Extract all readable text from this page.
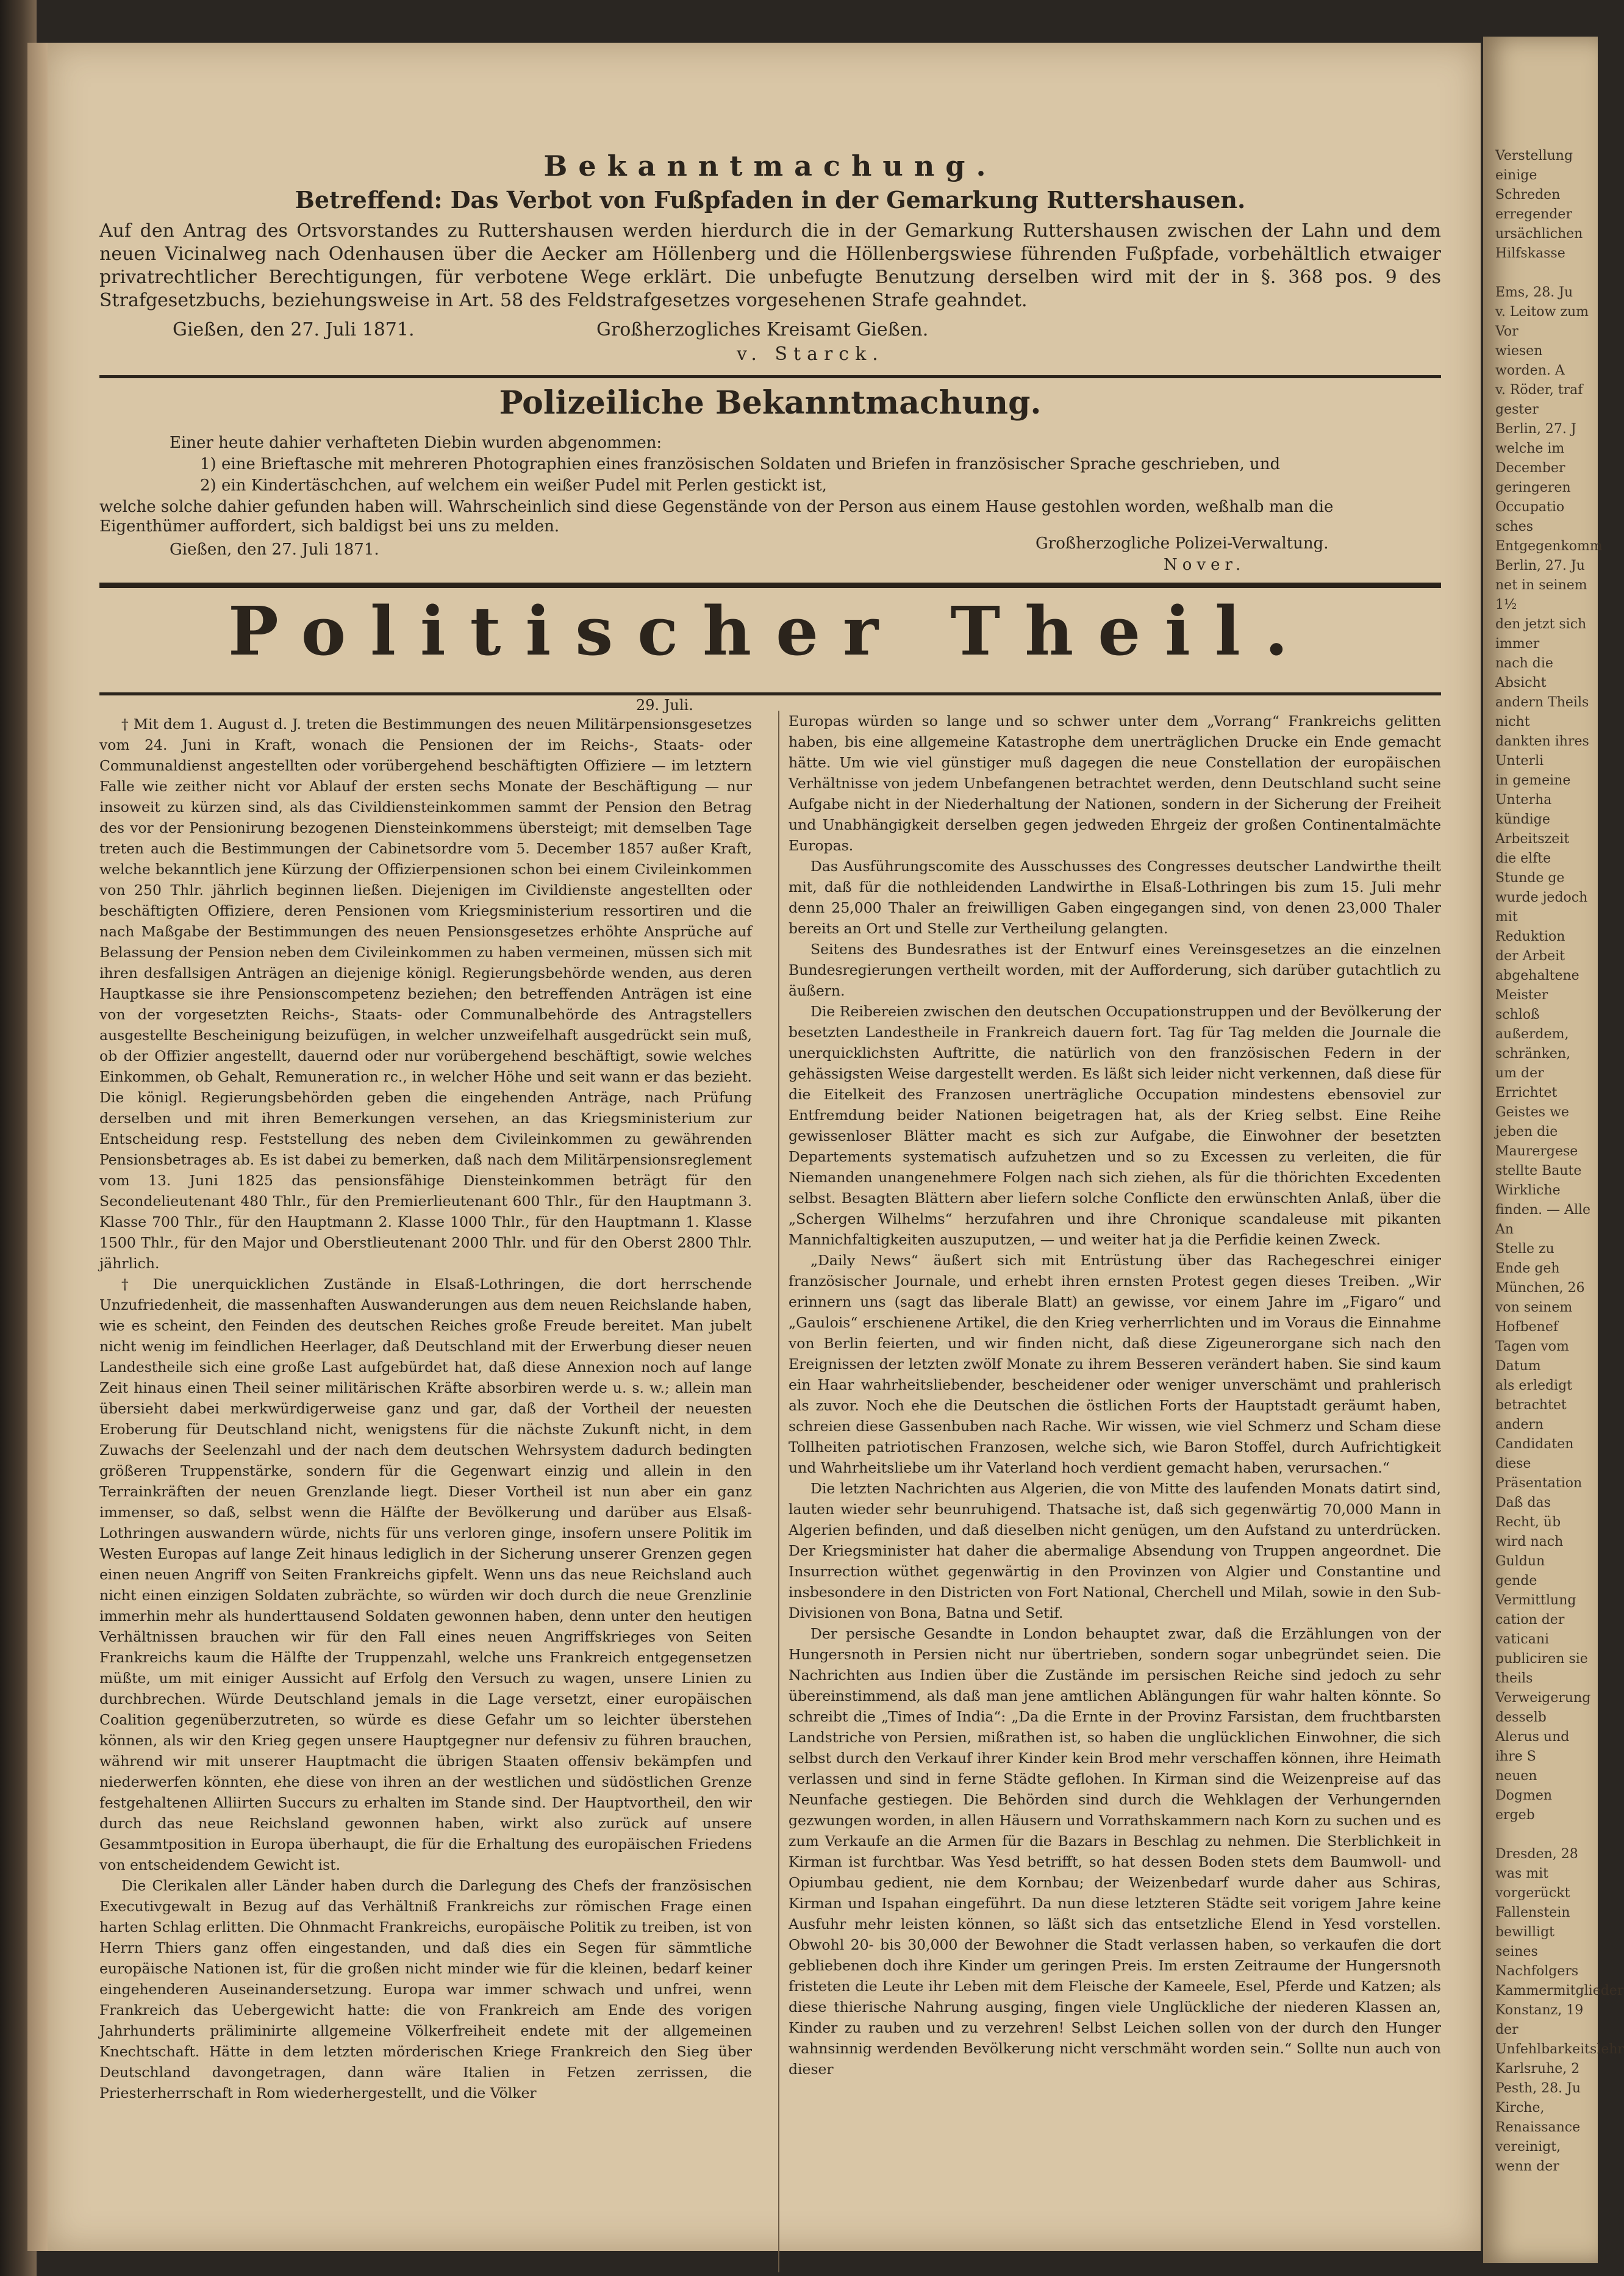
Verstellung einige
Schreden erregender
ursächlichen Hilfskasse

Ems, 28. Ju
v. Leitow zum Vor
wiesen worden. A
v. Röder, traf gester
Berlin, 27. J
welche im December
geringeren Occupatio
sches Entgegenkomm
Berlin, 27. Ju
net in seinem 1½
den jetzt sich immer
nach die Absicht
andern Theils nicht
dankten ihres Unterli
in gemeine Unterha
kündige Arbeitszeit
die elfte Stunde ge
wurde jedoch mit
Reduktion der Arbeit
abgehaltene Meister
schloß außerdem,
schränken, um der
Errichtet Geistes we
jeben die Maurergese
stellte Baute Wirkliche
finden. — Alle An
Stelle zu Ende geh
München, 26
von seinem Hofbenef
Tagen vom Datum
als erledigt betrachtet
andern Candidaten
diese Präsentation
Daß das Recht, üb
wird nach Guldun
gende Vermittlung
cation der vaticani
publiciren sie theils
Verweigerung desselb
Alerus und ihre S
neuen Dogmen ergeb

Dresden, 28
was mit vorgerückt
Fallenstein bewilligt
seines Nachfolgers
Kammermitglieder
Konstanz, 19
der Unfehlbarkeitslehr
Karlsruhe, 2
Pesth, 28. Ju
Kirche, Renaissance
vereinigt, wenn der
Bekanntmachung.
Betreffend: Das Verbot von Fußpfaden in der Gemarkung Ruttershausen.
Auf den Antrag des Ortsvorstandes zu Ruttershausen werden hierdurch die in der Gemarkung Ruttershausen zwischen der Lahn und dem neuen Vicinalweg nach Odenhausen über die Aecker am Höllenberg und die Höllenbergswiese führenden Fußpfade, vorbehältlich etwaiger privatrechtlicher Berechtigungen, für verbotene Wege erklärt. Die unbefugte Benutzung derselben wird mit der in §. 368 pos. 9 des Strafgesetzbuchs, beziehungsweise in Art. 58 des Feldstrafgesetzes vorgesehenen Strafe geahndet.
Gießen, den 27. Juli 1871.	Großherzogliches Kreisamt Gießen.
v. Starck.
Polizeiliche Bekanntmachung.
Einer heute dahier verhafteten Diebin wurden abgenommen:
1) eine Brieftasche mit mehreren Photographien eines französischen Soldaten und Briefen in französischer Sprache geschrieben, und
2) ein Kindertäschchen, auf welchem ein weißer Pudel mit Perlen gestickt ist,
welche solche dahier gefunden haben will. Wahrscheinlich sind diese Gegenstände von der Person aus einem Hause gestohlen worden, weßhalb man die Eigenthümer auffordert, sich baldigst bei uns zu melden.
Gießen, den 27. Juli 1871.	Großherzogliche Polizei-Verwaltung.
Nover.
Politischer Theil.
29. Juli.

† Mit dem 1. August d. J. treten die Bestimmungen des neuen Militärpensionsgesetzes vom 24. Juni in Kraft, wonach die Pensionen der im Reichs-, Staats- oder Communaldienst angestellten oder vorübergehend beschäftigten Offiziere — im letztern Falle wie zeither nicht vor Ablauf der ersten sechs Monate der Beschäftigung — nur insoweit zu kürzen sind, als das Civildiensteinkommen sammt der Pension den Betrag des vor der Pensionirung bezogenen Diensteinkommens übersteigt; mit demselben Tage treten auch die Bestimmungen der Cabinetsordre vom 5. December 1857 außer Kraft, welche bekanntlich jene Kürzung der Offizierpensionen schon bei einem Civileinkommen von 250 Thlr. jährlich beginnen ließen. Diejenigen im Civildienste angestellten oder beschäftigten Offiziere, deren Pensionen vom Kriegsministerium ressortiren und die nach Maßgabe der Bestimmungen des neuen Pensionsgesetzes erhöhte Ansprüche auf Belassung der Pension neben dem Civileinkommen zu haben vermeinen, müssen sich mit ihren desfallsigen Anträgen an diejenige königl. Regierungsbehörde wenden, aus deren Hauptkasse sie ihre Pensionscompetenz beziehen; den betreffenden Anträgen ist eine von der vorgesetzten Reichs-, Staats- oder Communalbehörde des Antragstellers ausgestellte Bescheinigung beizufügen, in welcher unzweifelhaft ausgedrückt sein muß, ob der Offizier angestellt, dauernd oder nur vorübergehend beschäftigt, sowie welches Einkommen, ob Gehalt, Remuneration rc., in welcher Höhe und seit wann er das bezieht. Die königl. Regierungsbehörden geben die eingehenden Anträge, nach Prüfung derselben und mit ihren Bemerkungen versehen, an das Kriegsministerium zur Entscheidung resp. Feststellung des neben dem Civileinkommen zu gewährenden Pensionsbetrages ab. Es ist dabei zu bemerken, daß nach dem Militärpensionsreglement vom 13. Juni 1825 das pensionsfähige Diensteinkommen beträgt für den Secondelieutenant 480 Thlr., für den Premierlieutenant 600 Thlr., für den Hauptmann 3. Klasse 700 Thlr., für den Hauptmann 2. Klasse 1000 Thlr., für den Hauptmann 1. Klasse 1500 Thlr., für den Major und Oberstlieutenant 2000 Thlr. und für den Oberst 2800 Thlr. jährlich.

† Die unerquicklichen Zustände in Elsaß-Lothringen, die dort herrschende Unzufriedenheit, die massenhaften Auswanderungen aus dem neuen Reichslande haben, wie es scheint, den Feinden des deutschen Reiches große Freude bereitet. Man jubelt nicht wenig im feindlichen Heerlager, daß Deutschland mit der Erwerbung dieser neuen Landestheile sich eine große Last aufgebürdet hat, daß diese Annexion noch auf lange Zeit hinaus einen Theil seiner militärischen Kräfte absorbiren werde u. s. w.; allein man übersieht dabei merkwürdigerweise ganz und gar, daß der Vortheil der neuesten Eroberung für Deutschland nicht, wenigstens für die nächste Zukunft nicht, in dem Zuwachs der Seelenzahl und der nach dem deutschen Wehrsystem dadurch bedingten größeren Truppenstärke, sondern für die Gegenwart einzig und allein in den Terrainkräften der neuen Grenzlande liegt. Dieser Vortheil ist nun aber ein ganz immenser, so daß, selbst wenn die Hälfte der Bevölkerung und darüber aus Elsaß-Lothringen auswandern würde, nichts für uns verloren ginge, insofern unsere Politik im Westen Europas auf lange Zeit hinaus lediglich in der Sicherung unserer Grenzen gegen einen neuen Angriff von Seiten Frankreichs gipfelt. Wenn uns das neue Reichsland auch nicht einen einzigen Soldaten zubrächte, so würden wir doch durch die neue Grenzlinie immerhin mehr als hunderttausend Soldaten gewonnen haben, denn unter den heutigen Verhältnissen brauchen wir für den Fall eines neuen Angriffskrieges von Seiten Frankreichs kaum die Hälfte der Truppenzahl, welche uns Frankreich entgegensetzen müßte, um mit einiger Aussicht auf Erfolg den Versuch zu wagen, unsere Linien zu durchbrechen. Würde Deutschland jemals in die Lage versetzt, einer europäischen Coalition gegenüberzutreten, so würde es diese Gefahr um so leichter überstehen können, als wir den Krieg gegen unsere Hauptgegner nur defensiv zu führen brauchen, während wir mit unserer Hauptmacht die übrigen Staaten offensiv bekämpfen und niederwerfen könnten, ehe diese von ihren an der westlichen und südöstlichen Grenze festgehaltenen Alliirten Succurs zu erhalten im Stande sind. Der Hauptvortheil, den wir durch das neue Reichsland gewonnen haben, wirkt also zurück auf unsere Gesammtposition in Europa überhaupt, die für die Erhaltung des europäischen Friedens von entscheidendem Gewicht ist.

Die Clerikalen aller Länder haben durch die Darlegung des Chefs der französischen Executivgewalt in Bezug auf das Verhältniß Frankreichs zur römischen Frage einen harten Schlag erlitten. Die Ohnmacht Frankreichs, europäische Politik zu treiben, ist von Herrn Thiers ganz offen eingestanden, und daß dies ein Segen für sämmtliche europäische Nationen ist, für die großen nicht minder wie für die kleinen, bedarf keiner eingehenderen Auseinandersetzung. Europa war immer schwach und unfrei, wenn Frankreich das Uebergewicht hatte: die von Frankreich am Ende des vorigen Jahrhunderts präliminirte allgemeine Völkerfreiheit endete mit der allgemeinen Knechtschaft. Hätte in dem letzten mörderischen Kriege Frankreich den Sieg über Deutschland davongetragen, dann wäre Italien in Fetzen zerrissen, die Priesterherrschaft in Rom wiederhergestellt, und die Völker

Europas würden so lange und so schwer unter dem „Vorrang“ Frankreichs gelitten haben, bis eine allgemeine Katastrophe dem unerträglichen Drucke ein Ende gemacht hätte. Um wie viel günstiger muß dagegen die neue Constellation der europäischen Verhältnisse von jedem Unbefangenen betrachtet werden, denn Deutschland sucht seine Aufgabe nicht in der Niederhaltung der Nationen, sondern in der Sicherung der Freiheit und Unabhängigkeit derselben gegen jedweden Ehrgeiz der großen Continentalmächte Europas.

Das Ausführungscomite des Ausschusses des Congresses deutscher Landwirthe theilt mit, daß für die nothleidenden Landwirthe in Elsaß-Lothringen bis zum 15. Juli mehr denn 25,000 Thaler an freiwilligen Gaben eingegangen sind, von denen 23,000 Thaler bereits an Ort und Stelle zur Vertheilung gelangten.

Seitens des Bundesrathes ist der Entwurf eines Vereinsgesetzes an die einzelnen Bundesregierungen vertheilt worden, mit der Aufforderung, sich darüber gutachtlich zu äußern.

Die Reibereien zwischen den deutschen Occupationstruppen und der Bevölkerung der besetzten Landestheile in Frankreich dauern fort. Tag für Tag melden die Journale die unerquicklichsten Auftritte, die natürlich von den französischen Federn in der gehässigsten Weise dargestellt werden. Es läßt sich leider nicht verkennen, daß diese für die Eitelkeit des Franzosen unerträgliche Occupation mindestens ebensoviel zur Entfremdung beider Nationen beigetragen hat, als der Krieg selbst. Eine Reihe gewissenloser Blätter macht es sich zur Aufgabe, die Einwohner der besetzten Departements systematisch aufzuhetzen und so zu Excessen zu verleiten, die für Niemanden unangenehmere Folgen nach sich ziehen, als für die thörichten Excedenten selbst. Besagten Blättern aber liefern solche Conflicte den erwünschten Anlaß, über die „Schergen Wilhelms“ herzufahren und ihre Chronique scandaleuse mit pikanten Mannichfaltigkeiten auszuputzen, — und weiter hat ja die Perfidie keinen Zweck.

„Daily News“ äußert sich mit Entrüstung über das Rachegeschrei einiger französischer Journale, und erhebt ihren ernsten Protest gegen dieses Treiben. „Wir erinnern uns (sagt das liberale Blatt) an gewisse, vor einem Jahre im „Figaro“ und „Gaulois“ erschienene Artikel, die den Krieg verherrlichten und im Voraus die Einnahme von Berlin feierten, und wir finden nicht, daß diese Zigeunerorgane sich nach den Ereignissen der letzten zwölf Monate zu ihrem Besseren verändert haben. Sie sind kaum ein Haar wahrheitsliebender, bescheidener oder weniger unverschämt und prahlerisch als zuvor. Noch ehe die Deutschen die östlichen Forts der Hauptstadt geräumt haben, schreien diese Gassenbuben nach Rache. Wir wissen, wie viel Schmerz und Scham diese Tollheiten patriotischen Franzosen, welche sich, wie Baron Stoffel, durch Aufrichtigkeit und Wahrheitsliebe um ihr Vaterland hoch verdient gemacht haben, verursachen.“

Die letzten Nachrichten aus Algerien, die von Mitte des laufenden Monats datirt sind, lauten wieder sehr beunruhigend. Thatsache ist, daß sich gegenwärtig 70,000 Mann in Algerien befinden, und daß dieselben nicht genügen, um den Aufstand zu unterdrücken. Der Kriegsminister hat daher die abermalige Absendung von Truppen angeordnet. Die Insurrection wüthet gegenwärtig in den Provinzen von Algier und Constantine und insbesondere in den Districten von Fort National, Cherchell und Milah, sowie in den Sub-Divisionen von Bona, Batna und Setif.

Der persische Gesandte in London behauptet zwar, daß die Erzählungen von der Hungersnoth in Persien nicht nur übertrieben, sondern sogar unbegründet seien. Die Nachrichten aus Indien über die Zustände im persischen Reiche sind jedoch zu sehr übereinstimmend, als daß man jene amtlichen Ablängungen für wahr halten könnte. So schreibt die „Times of India“: „Da die Ernte in der Provinz Farsistan, dem fruchtbarsten Landstriche von Persien, mißrathen ist, so haben die unglücklichen Einwohner, die sich selbst durch den Verkauf ihrer Kinder kein Brod mehr verschaffen können, ihre Heimath verlassen und sind in ferne Städte geflohen. In Kirman sind die Weizenpreise auf das Neunfache gestiegen. Die Behörden sind durch die Wehklagen der Verhungernden gezwungen worden, in allen Häusern und Vorrathskammern nach Korn zu suchen und es zum Verkaufe an die Armen für die Bazars in Beschlag zu nehmen. Die Sterblichkeit in Kirman ist furchtbar. Was Yesd betrifft, so hat dessen Boden stets dem Baumwoll- und Opiumbau gedient, nie dem Kornbau; der Weizenbedarf wurde daher aus Schiras, Kirman und Ispahan eingeführt. Da nun diese letzteren Städte seit vorigem Jahre keine Ausfuhr mehr leisten können, so läßt sich das entsetzliche Elend in Yesd vorstellen. Obwohl 20- bis 30,000 der Bewohner die Stadt verlassen haben, so verkaufen die dort gebliebenen doch ihre Kinder um geringen Preis. Im ersten Zeitraume der Hungersnoth fristeten die Leute ihr Leben mit dem Fleische der Kameele, Esel, Pferde und Katzen; als diese thierische Nahrung ausging, fingen viele Unglückliche der niederen Klassen an, Kinder zu rauben und zu verzehren! Selbst Leichen sollen von der durch den Hunger wahnsinnig werdenden Bevölkerung nicht verschmäht worden sein.“ Sollte nun auch von dieser
